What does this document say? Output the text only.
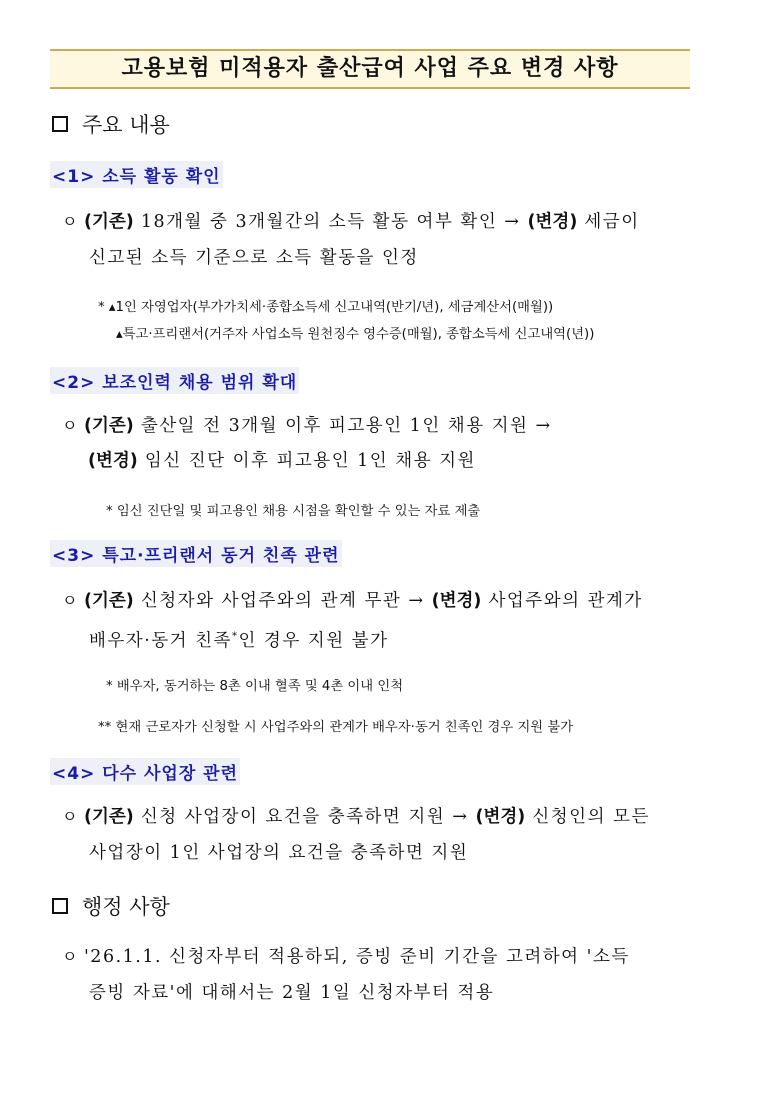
고용보험 미적용자 출산급여 사업 주요 변경 사항
주요 내용
<1> 소득 활동 확인
ㅇ (기존) 18개월 중 3개월간의 소득 활동 여부 확인 → (변경) 세금이
신고된 소득 기준으로 소득 활동을 인정
* ▴1인 자영업자(부가가치세·종합소득세 신고내역(반기/년), 세금계산서(매월))
▴특고·프리랜서(거주자 사업소득 원천징수 영수증(매월), 종합소득세 신고내역(년))
<2> 보조인력 채용 범위 확대
ㅇ (기존) 출산일 전 3개월 이후 피고용인 1인 채용 지원 →
(변경) 임신 진단 이후 피고용인 1인 채용 지원
* 임신 진단일 및 피고용인 채용 시점을 확인할 수 있는 자료 제출
<3> 특고·프리랜서 동거 친족 관련
ㅇ (기존) 신청자와 사업주와의 관계 무관 → (변경) 사업주와의 관계가
배우자·동거 친족*인 경우 지원 불가
* 배우자, 동거하는 8촌 이내 혈족 및 4촌 이내 인척
** 현재 근로자가 신청할 시 사업주와의 관계가 배우자·동거 친족인 경우 지원 불가
<4> 다수 사업장 관련
ㅇ (기존) 신청 사업장이 요건을 충족하면 지원 → (변경) 신청인의 모든
사업장이 1인 사업장의 요건을 충족하면 지원
행정 사항
ㅇ '26.1.1. 신청자부터 적용하되, 증빙 준비 기간을 고려하여 '소득
증빙 자료'에 대해서는 2월 1일 신청자부터 적용
